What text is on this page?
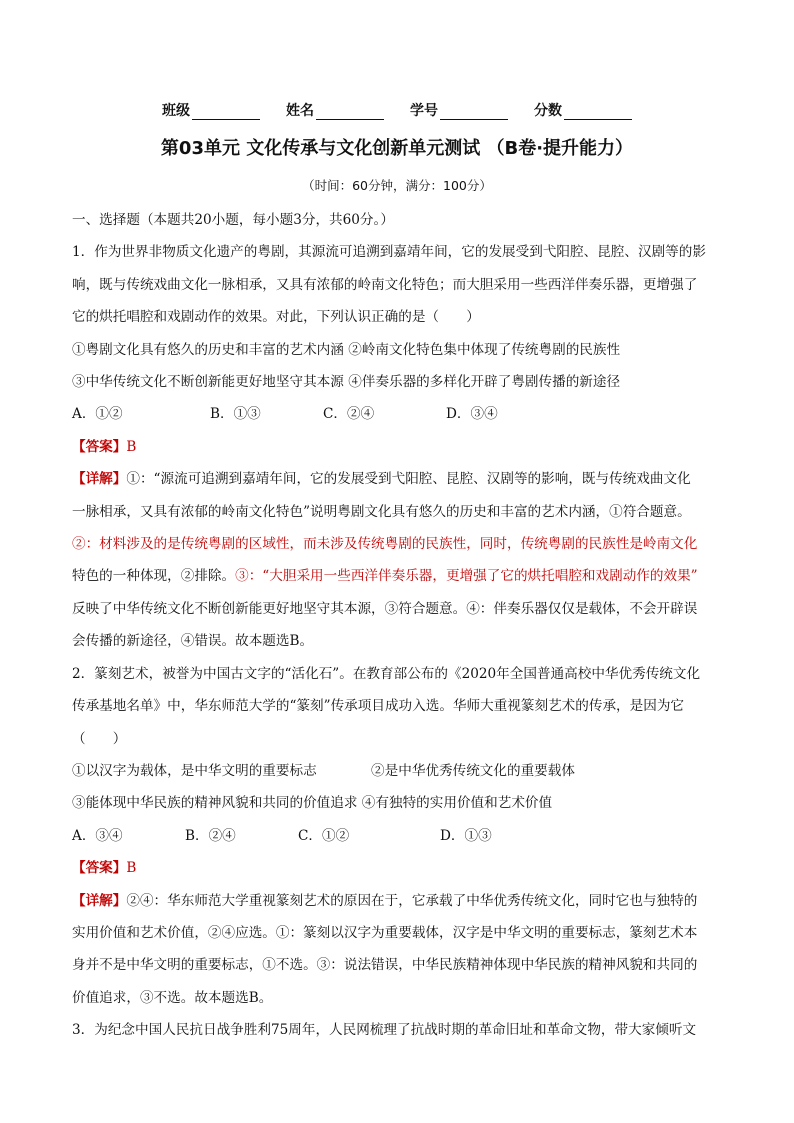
班级	姓名	学号	分数
第03单元 文化传承与文化创新单元测试 （B卷·提升能力）
（时间：60分钟，满分：100分）

一、选择题（本题共20小题，每小题3分，共60分。）

1．作为世界非物质文化遗产的粤剧，其源流可追溯到嘉靖年间，它的发展受到弋阳腔、昆腔、汉剧等的影

响，既与传统戏曲文化一脉相承，又具有浓郁的岭南文化特色；而大胆采用一些西洋伴奏乐器，更增强了

它的烘托唱腔和戏剧动作的效果。对此，下列认识正确的是（　　）

①粤剧文化具有悠久的历史和丰富的艺术内涵 ②岭南文化特色集中体现了传统粤剧的民族性

③中华传统文化不断创新能更好地坚守其本源 ④伴奏乐器的多样化开辟了粤剧传播的新途径

A．①②	B．①③	C．②④	D．③④

【答案】B

【详解】①：“源流可追溯到嘉靖年间，它的发展受到弋阳腔、昆腔、汉剧等的影响，既与传统戏曲文化

一脉相承，又具有浓郁的岭南文化特色”说明粤剧文化具有悠久的历史和丰富的艺术内涵，①符合题意。

②：材料涉及的是传统粤剧的区域性，而未涉及传统粤剧的民族性，同时，传统粤剧的民族性是岭南文化

特色的一种体现，②排除。③：“大胆采用一些西洋伴奏乐器，更增强了它的烘托唱腔和戏剧动作的效果”

反映了中华传统文化不断创新能更好地坚守其本源，③符合题意。④：伴奏乐器仅仅是载体，不会开辟误

会传播的新途径，④错误。故本题选B。

2．篆刻艺术，被誉为中国古文字的“活化石”。在教育部公布的《2020年全国普通高校中华优秀传统文化

传承基地名单》中，华东师范大学的“篆刻”传承项目成功入选。华师大重视篆刻艺术的传承，是因为它

（　　）

①以汉字为载体，是中华文明的重要标志　　　　②是中华优秀传统文化的重要载体

③能体现中华民族的精神风貌和共同的价值追求 ④有独特的实用价值和艺术价值

A．③④	B．②④	C．①②	D．①③

【答案】B

【详解】②④：华东师范大学重视篆刻艺术的原因在于，它承载了中华优秀传统文化，同时它也与独特的

实用价值和艺术价值，②④应选。①：篆刻以汉字为重要载体，汉字是中华文明的重要标志，篆刻艺术本

身并不是中华文明的重要标志，①不选。③：说法错误，中华民族精神体现中华民族的精神风貌和共同的

价值追求，③不选。故本题选B。

3．为纪念中国人民抗日战争胜利75周年，人民网梳理了抗战时期的革命旧址和革命文物，带大家倾听文
